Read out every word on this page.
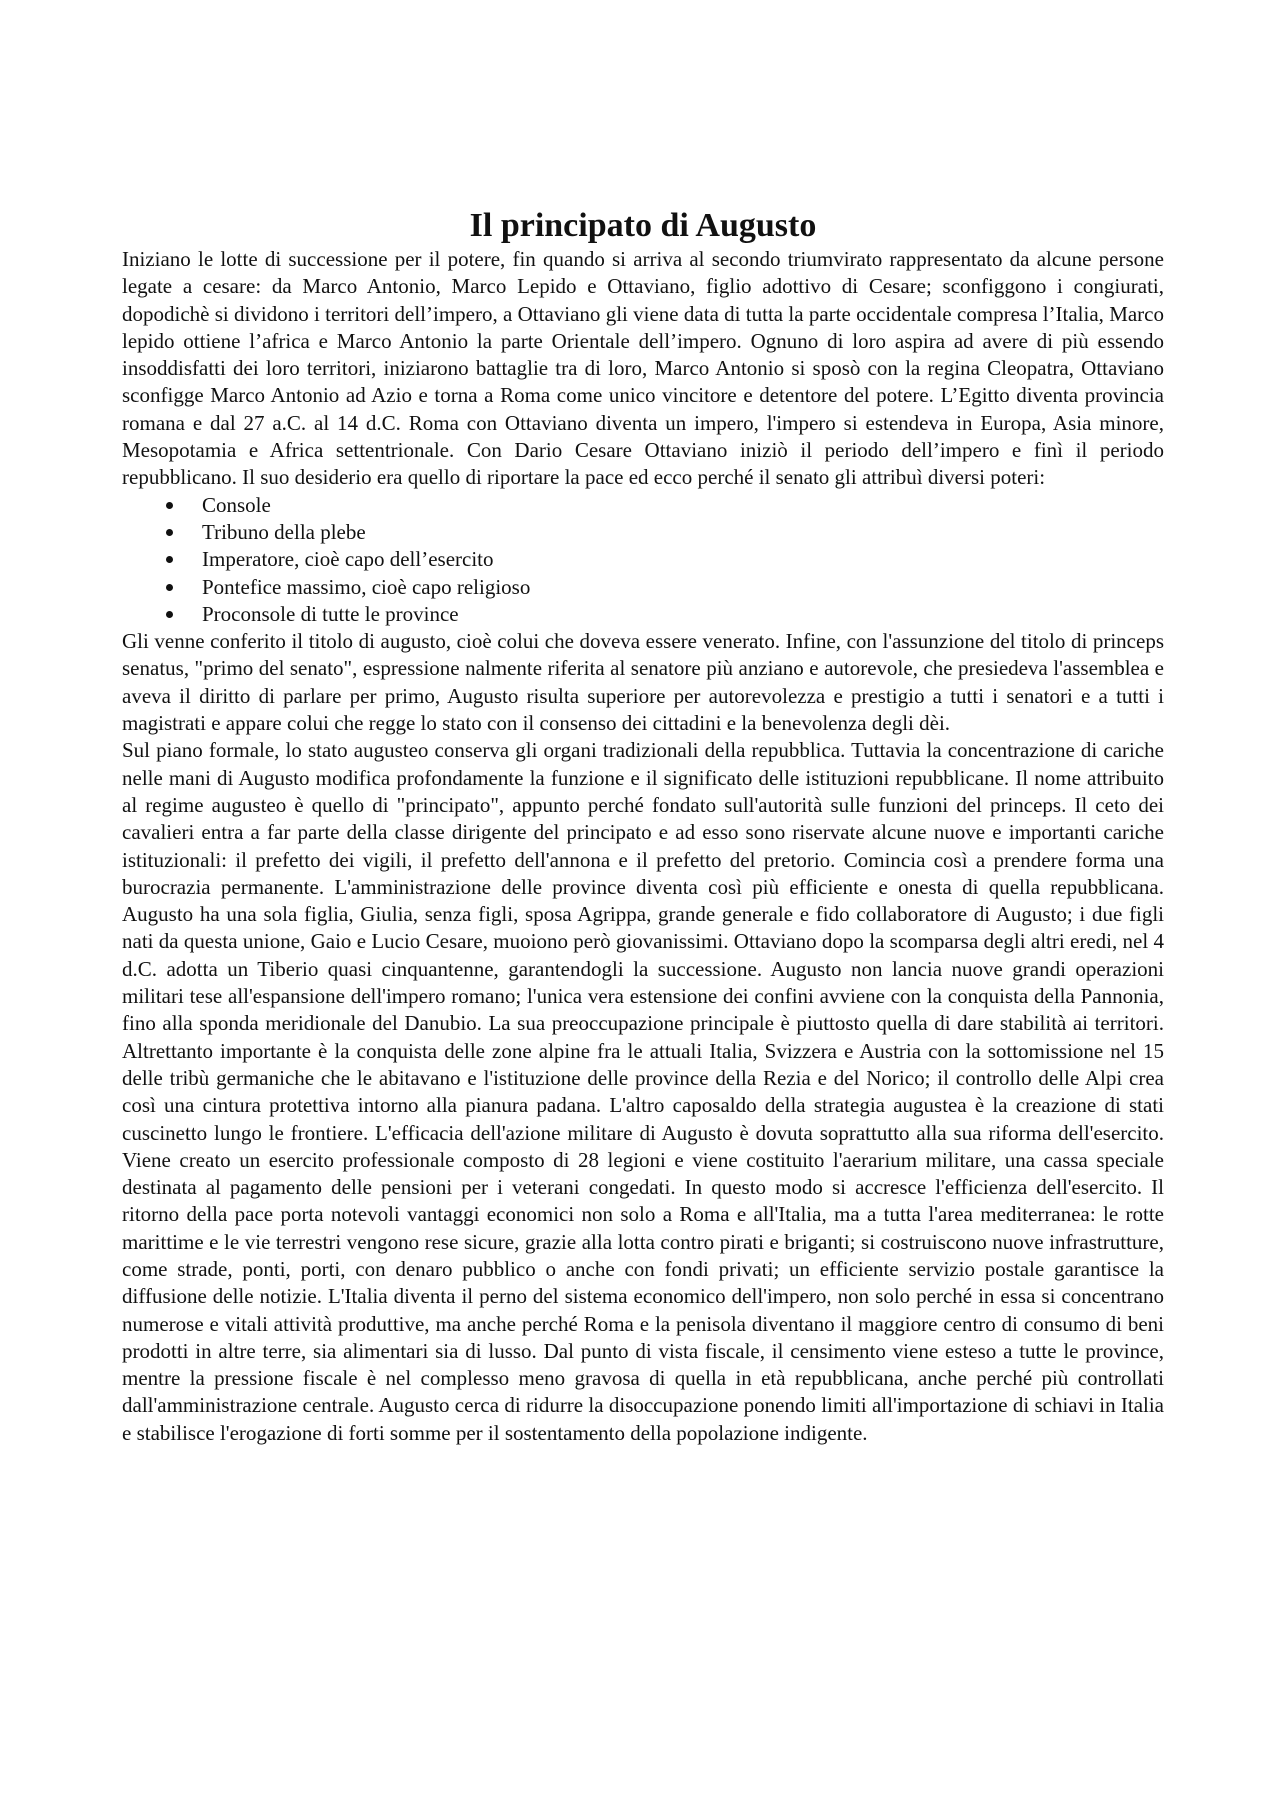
Il principato di Augusto

Iniziano le lotte di successione per il potere, fin quando si arriva al secondo triumvirato rappresentato da alcune persone legate a cesare: da Marco Antonio, Marco Lepido e Ottaviano, figlio adottivo di Cesare; sconfiggono i congiurati, dopodichè si dividono i territori dell’impero, a Ottaviano gli viene data di tutta la parte occidentale compresa l’Italia, Marco lepido ottiene l’africa e Marco Antonio la parte Orientale dell’impero. Ognuno di loro aspira ad avere di più essendo insoddisfatti dei loro territori, iniziarono battaglie tra di loro, Marco Antonio si sposò con la regina Cleopatra, Ottaviano sconfigge Marco Antonio ad Azio e torna a Roma come unico vincitore e detentore del potere. L’Egitto diventa provincia romana e dal 27 a.C. al 14 d.C. Roma con Ottaviano diventa un impero, l'impero si estendeva in Europa, Asia minore, Mesopotamia e Africa settentrionale. Con Dario Cesare Ottaviano iniziò il periodo dell’impero e finì il periodo repubblicano. Il suo desiderio era quello di riportare la pace ed ecco perché il senato gli attribuì diversi poteri:

Console
Tribuno della plebe
Imperatore, cioè capo dell’esercito
Pontefice massimo, cioè capo religioso
Proconsole di tutte le province

Gli venne conferito il titolo di augusto, cioè colui che doveva essere venerato. Infine, con l'assunzione del titolo di princeps senatus, "primo del senato", espressione nalmente riferita al senatore più anziano e autorevole, che presiedeva l'assemblea e aveva il diritto di parlare per primo, Augusto risulta superiore per autorevolezza e prestigio a tutti i senatori e a tutti i magistrati e appare colui che regge lo stato con il consenso dei cittadini e la benevolenza degli dèi.

Sul piano formale, lo stato augusteo conserva gli organi tradizionali della repubblica. Tuttavia la concentrazione di cariche nelle mani di Augusto modifica profondamente la funzione e il significato delle istituzioni repubblicane. Il nome attribuito al regime augusteo è quello di "principato", appunto perché fondato sull'autorità sulle funzioni del princeps. Il ceto dei cavalieri entra a far parte della classe dirigente del principato e ad esso sono riservate alcune nuove e importanti cariche istituzionali: il prefetto dei vigili, il prefetto dell'annona e il prefetto del pretorio. Comincia così a prendere forma una burocrazia permanente. L'amministrazione delle province diventa così più efficiente e onesta di quella repubblicana. Augusto ha una sola figlia, Giulia, senza figli, sposa Agrippa, grande generale e fido collaboratore di Augusto; i due figli nati da questa unione, Gaio e Lucio Cesare, muoiono però giovanissimi. Ottaviano dopo la scomparsa degli altri eredi, nel 4 d.C. adotta un Tiberio quasi cinquantenne, garantendogli la successione. Augusto non lancia nuove grandi operazioni militari tese all'espansione dell'impero romano; l'unica vera estensione dei confini avviene con la conquista della Pannonia, fino alla sponda meridionale del Danubio. La sua preoccupazione principale è piuttosto quella di dare stabilità ai territori. Altrettanto importante è la conquista delle zone alpine fra le attuali Italia, Svizzera e Austria con la sottomissione nel 15 delle tribù germaniche che le abitavano e l'istituzione delle province della Rezia e del Norico; il controllo delle Alpi crea così una cintura protettiva intorno alla pianura padana. L'altro caposaldo della strategia augustea è la creazione di stati cuscinetto lungo le frontiere. L'efficacia dell'azione militare di Augusto è dovuta soprattutto alla sua riforma dell'esercito. Viene creato un esercito professionale composto di 28 legioni e viene costituito l'aerarium militare, una cassa speciale destinata al pagamento delle pensioni per i veterani congedati. In questo modo si accresce l'efficienza dell'esercito. Il ritorno della pace porta notevoli vantaggi economici non solo a Roma e all'Italia, ma a tutta l'area mediterranea: le rotte marittime e le vie terrestri vengono rese sicure, grazie alla lotta contro pirati e briganti; si costruiscono nuove infrastrutture, come strade, ponti, porti, con denaro pubblico o anche con fondi privati; un efficiente servizio postale garantisce la diffusione delle notizie. L'Italia diventa il perno del sistema economico dell'impero, non solo perché in essa si concentrano numerose e vitali attività produttive, ma anche perché Roma e la penisola diventano il maggiore centro di consumo di beni prodotti in altre terre, sia alimentari sia di lusso. Dal punto di vista fiscale, il censimento viene esteso a tutte le province, mentre la pressione fiscale è nel complesso meno gravosa di quella in età repubblicana, anche perché più controllati dall'amministrazione centrale. Augusto cerca di ridurre la disoccupazione ponendo limiti all'importazione di schiavi in Italia e stabilisce l'erogazione di forti somme per il sostentamento della popolazione indigente.
